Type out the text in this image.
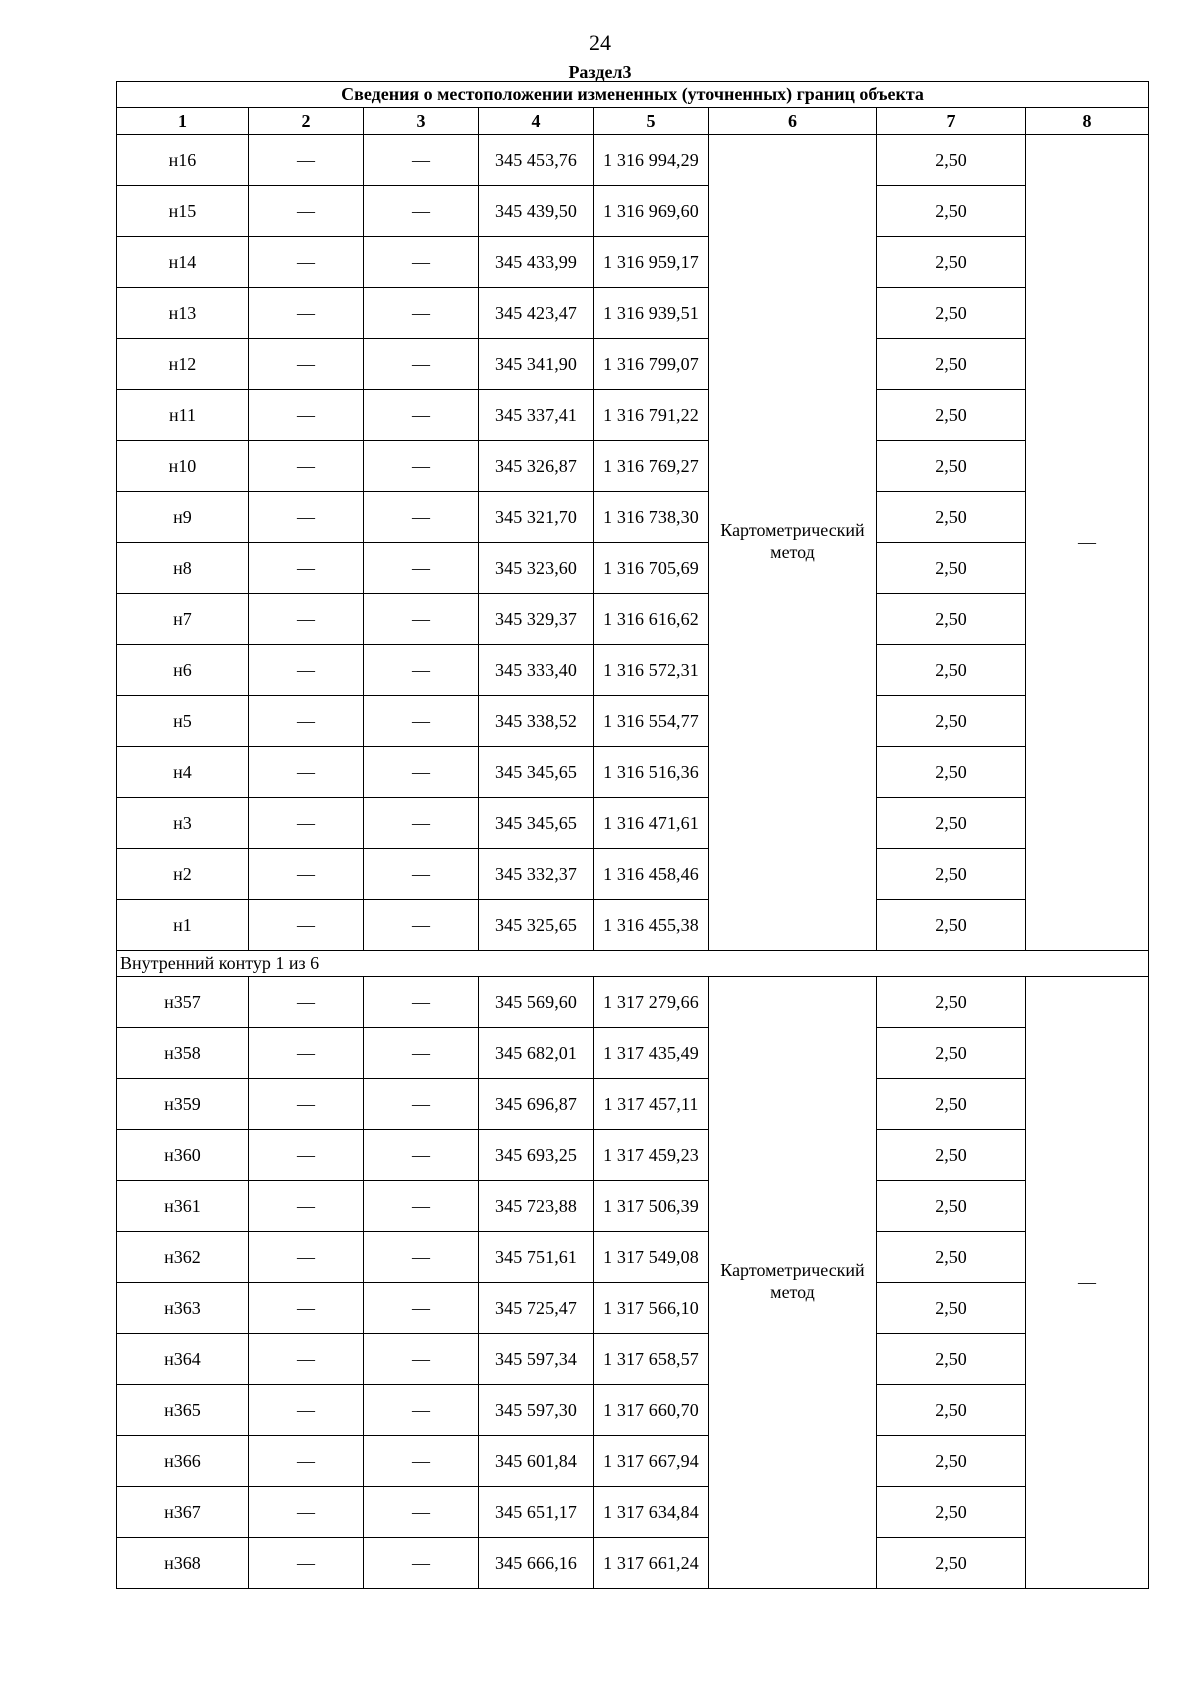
24
Раздел3
Сведения о местоположении измененных (уточненных) границ объекта							
1	2	3	4	5	6	7	8
н16	—	—	345 453,76	1 316 994,29	Картометрический метод	2,50	—
н15	—	—	345 439,50	1 316 969,60		2,50	
н14	—	—	345 433,99	1 316 959,17		2,50	
н13	—	—	345 423,47	1 316 939,51		2,50	
н12	—	—	345 341,90	1 316 799,07		2,50	
н11	—	—	345 337,41	1 316 791,22		2,50	
н10	—	—	345 326,87	1 316 769,27		2,50	
н9	—	—	345 321,70	1 316 738,30		2,50	
н8	—	—	345 323,60	1 316 705,69		2,50	
н7	—	—	345 329,37	1 316 616,62		2,50	
н6	—	—	345 333,40	1 316 572,31		2,50	
н5	—	—	345 338,52	1 316 554,77		2,50	
н4	—	—	345 345,65	1 316 516,36		2,50	
н3	—	—	345 345,65	1 316 471,61		2,50	
н2	—	—	345 332,37	1 316 458,46		2,50	
н1	—	—	345 325,65	1 316 455,38		2,50	
Внутренний контур 1 из 6							
н357	—	—	345 569,60	1 317 279,66	Картометрический метод	2,50	—
н358	—	—	345 682,01	1 317 435,49		2,50	
н359	—	—	345 696,87	1 317 457,11		2,50	
н360	—	—	345 693,25	1 317 459,23		2,50	
н361	—	—	345 723,88	1 317 506,39		2,50	
н362	—	—	345 751,61	1 317 549,08		2,50	
н363	—	—	345 725,47	1 317 566,10		2,50	
н364	—	—	345 597,34	1 317 658,57		2,50	
н365	—	—	345 597,30	1 317 660,70		2,50	
н366	—	—	345 601,84	1 317 667,94		2,50	
н367	—	—	345 651,17	1 317 634,84		2,50	
н368	—	—	345 666,16	1 317 661,24		2,50	
